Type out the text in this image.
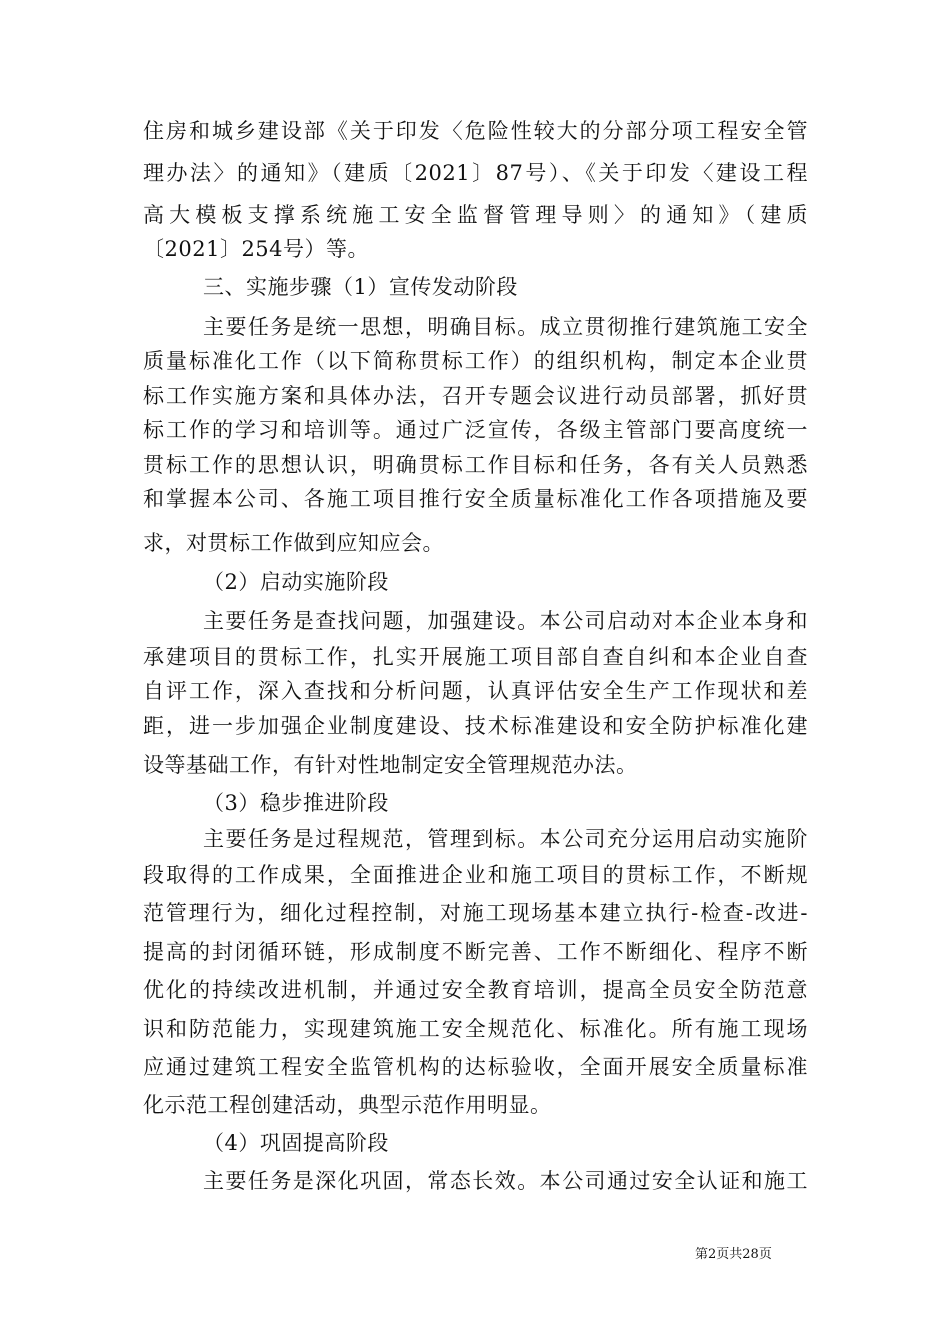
住房和城乡建设部《关于印发〈危险性较大的分部分项工程安全管
理办法〉的通知》（建质〔2021〕87号）、《关于印发〈建设工程
高大模板支撑系统施工安全监督管理导则〉的通知》（建质
〔2021〕254号）等。
三、实施步骤（1）宣传发动阶段
主要任务是统一思想，明确目标。成立贯彻推行建筑施工安全
质量标准化工作（以下简称贯标工作）的组织机构，制定本企业贯
标工作实施方案和具体办法，召开专题会议进行动员部署，抓好贯
标工作的学习和培训等。通过广泛宣传，各级主管部门要高度统一
贯标工作的思想认识，明确贯标工作目标和任务，各有关人员熟悉
和掌握本公司、各施工项目推行安全质量标准化工作各项措施及要
求，对贯标工作做到应知应会。
（2）启动实施阶段
主要任务是查找问题，加强建设。本公司启动对本企业本身和
承建项目的贯标工作，扎实开展施工项目部自查自纠和本企业自查
自评工作，深入查找和分析问题，认真评估安全生产工作现状和差
距，进一步加强企业制度建设、技术标准建设和安全防护标准化建
设等基础工作，有针对性地制定安全管理规范办法。
（3）稳步推进阶段
主要任务是过程规范，管理到标。本公司充分运用启动实施阶
段取得的工作成果，全面推进企业和施工项目的贯标工作，不断规
范管理行为，细化过程控制，对施工现场基本建立执行-检查-改进-
提高的封闭循环链，形成制度不断完善、工作不断细化、程序不断
优化的持续改进机制，并通过安全教育培训，提高全员安全防范意
识和防范能力，实现建筑施工安全规范化、标准化。所有施工现场
应通过建筑工程安全监管机构的达标验收，全面开展安全质量标准
化示范工程创建活动，典型示范作用明显。
（4）巩固提高阶段
主要任务是深化巩固，常态长效。本公司通过安全认证和施工
第2页共28页
